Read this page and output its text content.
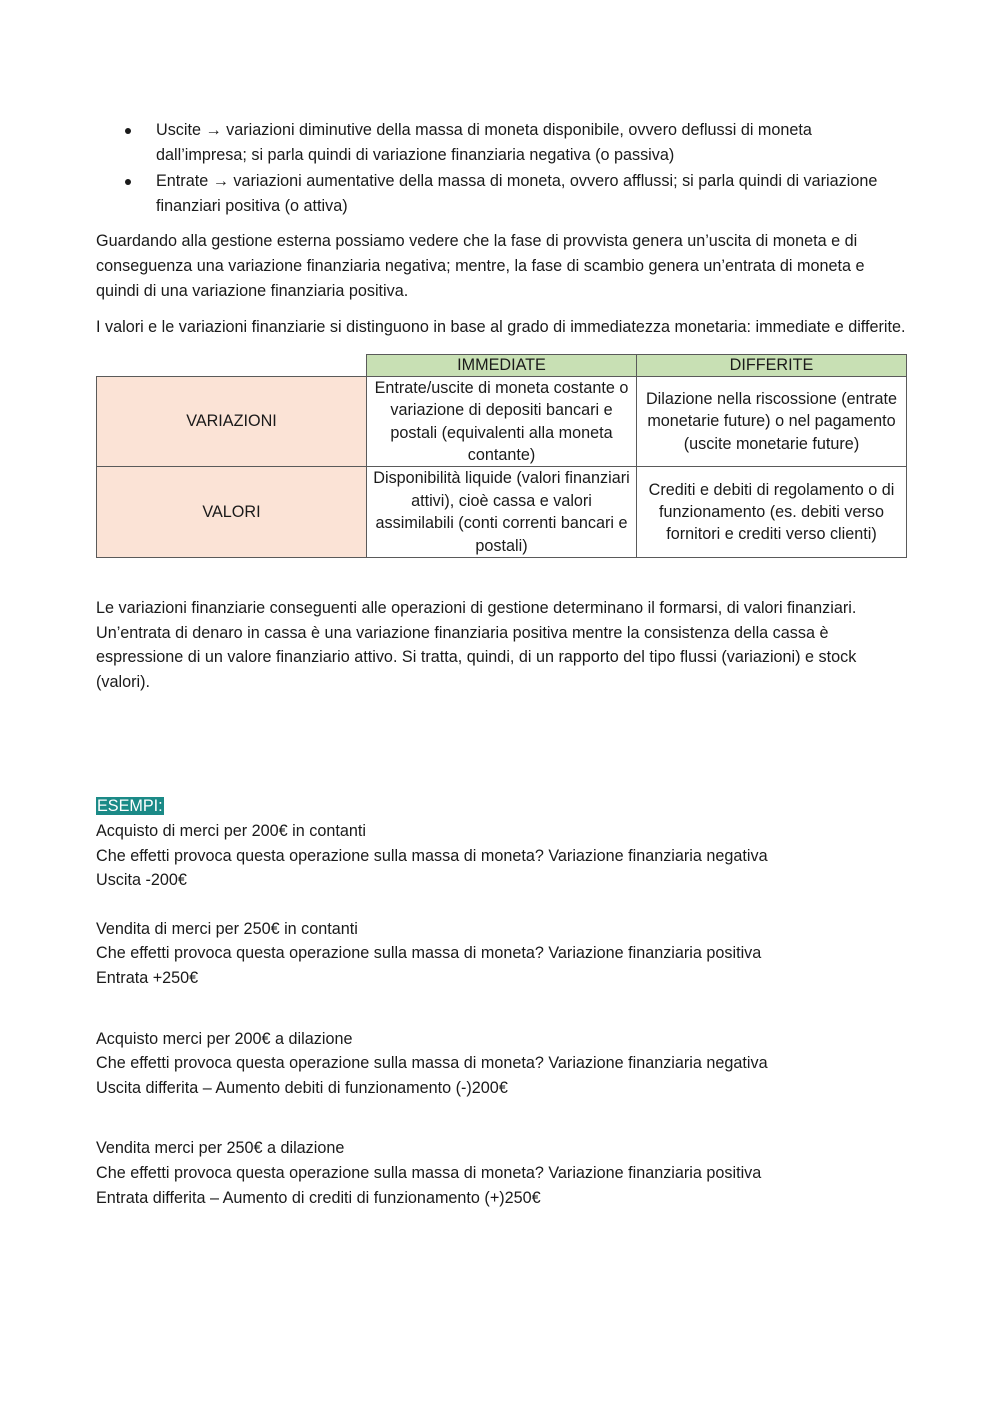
Uscite → variazioni diminutive della massa di moneta disponibile, ovvero deflussi di moneta dall’impresa; si parla quindi di variazione finanziaria negativa (o passiva)
Entrate → variazioni aumentative della massa di moneta, ovvero afflussi; si parla quindi di variazione finanziari positiva (o attiva)

Guardando alla gestione esterna possiamo vedere che la fase di provvista genera un’uscita di moneta e di conseguenza una variazione finanziaria negativa; mentre, la fase di scambio genera un’entrata di moneta e quindi di una variazione finanziaria positiva.

I valori e le variazioni finanziarie si distinguono in base al grado di immediatezza monetaria: immediate e differite.

	IMMEDIATE	DIFFERITE
VARIAZIONI	Entrate/uscite di moneta costante o variazione di depositi bancari e postali (equivalenti alla moneta contante)	Dilazione nella riscossione (entrate monetarie future) o nel pagamento (uscite monetarie future)
VALORI	Disponibilità liquide (valori finanziari attivi), cioè cassa e valori assimilabili (conti correnti bancari e postali)	Crediti e debiti di regolamento o di funzionamento (es. debiti verso fornitori e crediti verso clienti)

Le variazioni finanziarie conseguenti alle operazioni di gestione determinano il formarsi, di valori finanziari. Un’entrata di denaro in cassa è una variazione finanziaria positiva mentre la consistenza della cassa è espressione di un valore finanziario attivo. Si tratta, quindi, di un rapporto del tipo flussi (variazioni) e stock (valori).

ESEMPI:
Acquisto di merci per 200€ in contanti
Che effetti provoca questa operazione sulla massa di moneta? Variazione finanziaria negativa
Uscita -200€
Vendita di merci per 250€ in contanti
Che effetti provoca questa operazione sulla massa di moneta? Variazione finanziaria positiva
Entrata +250€
Acquisto merci per 200€ a dilazione
Che effetti provoca questa operazione sulla massa di moneta? Variazione finanziaria negativa
Uscita differita – Aumento debiti di funzionamento (-)200€
Vendita merci per 250€ a dilazione
Che effetti provoca questa operazione sulla massa di moneta? Variazione finanziaria positiva
Entrata differita – Aumento di crediti di funzionamento (+)250€
